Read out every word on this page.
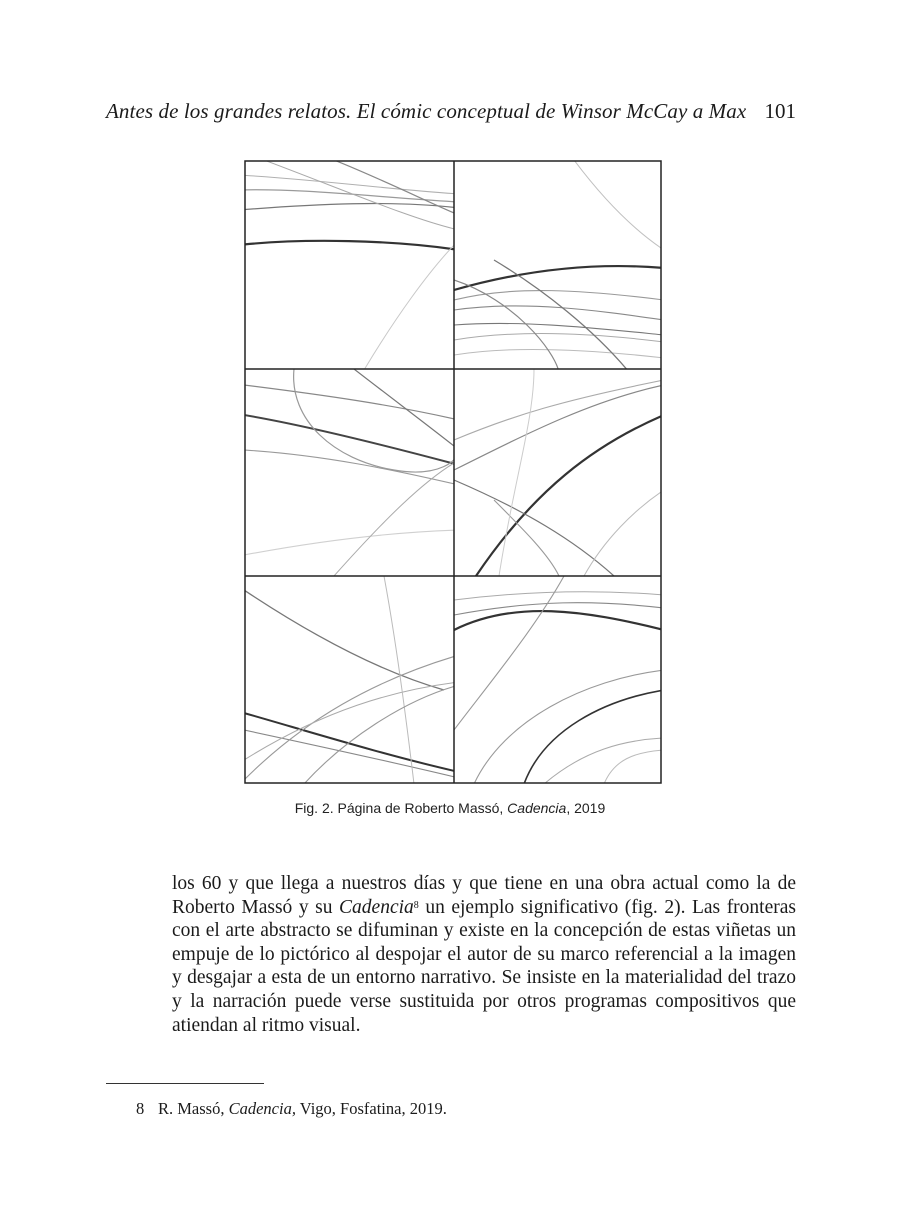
Antes de los grandes relatos. El cómic conceptual de Winsor McCay a Max 101
Fig. 2. Página de Roberto Massó, Cadencia, 2019
los 60 y que llega a nuestros días y que tiene en una obra actual como la de
Roberto Massó y su Cadencia$^8$ un ejemplo significativo (fig. 2). Las fronteras
con el arte abstracto se difuminan y existe en la concepción de estas viñetas un
empuje de lo pictórico al despojar el autor de su marco referencial a la imagen
y desgajar a esta de un entorno narrativo. Se insiste en la materialidad del trazo
y la narración puede verse sustituida por otros programas compositivos que
atiendan al ritmo visual.
8 R. Massó, Cadencia, Vigo, Fosfatina, 2019.
